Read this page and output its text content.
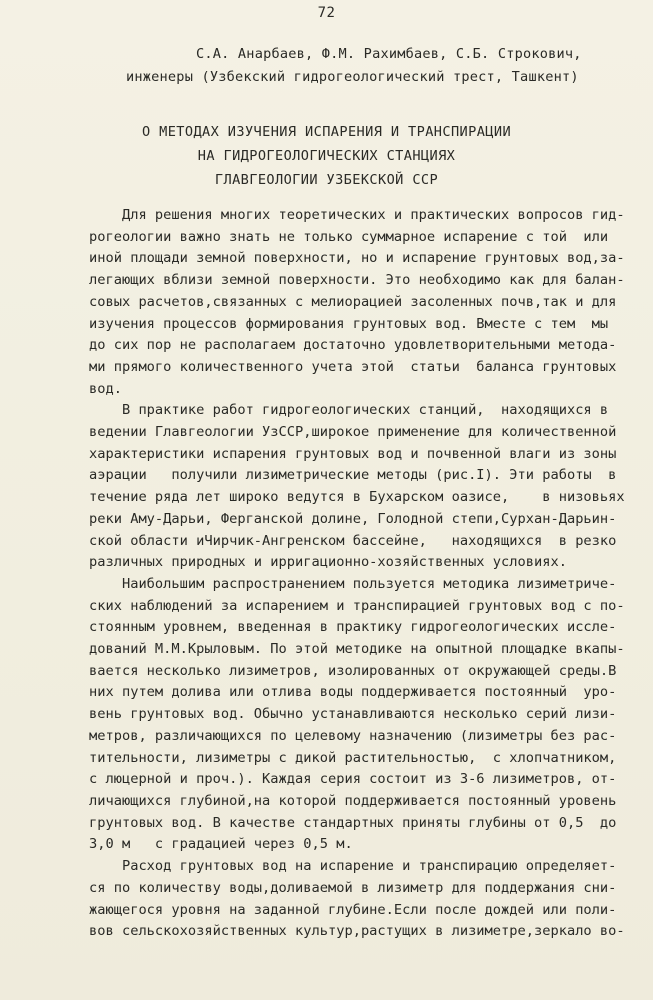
72
С.А. Анарбаев, Ф.М. Рахимбаев, С.Б. Строкович,
инженеры (Узбекский гидрогеологический трест, Ташкент)
О МЕТОДАХ ИЗУЧЕНИЯ ИСПАРЕНИЯ И ТРАНСПИРАЦИИ
НА ГИДРОГЕОЛОГИЧЕСКИХ СТАНЦИЯХ
ГЛАВГЕОЛОГИИ УЗБЕКСКОЙ ССР
Для решения многих теоретических и практических вопросов гид-
рогеологии важно знать не только суммарное испарение с той  или
иной площади земной поверхности, но и испарение грунтовых вод,за-
легающих вблизи земной поверхности. Это необходимо как для балан-
совых расчетов,связанных с мелиорацией засоленных почв,так и для
изучения процессов формирования грунтовых вод. Вместе с тем  мы
до сих пор не располагаем достаточно удовлетворительными метода-
ми прямого количественного учета этой  статьи  баланса грунтовых
вод.
В практике работ гидрогеологических станций,  находящихся в
ведении Главгеологии УзССР,широкое применение для количественной
характеристики испарения грунтовых вод и почвенной влаги из зоны
аэрации   получили лизиметрические методы (рис.I). Эти работы  в
течение ряда лет широко ведутся в Бухарском оазисе,    в низовьях
реки Аму-Дарьи, Ферганской долине, Голодной степи,Сурхан-Дарьин-
ской области иЧирчик-Ангренском бассейне,   находящихся  в резко
различных природных и ирригационно-хозяйственных условиях.
Наибольшим распространением пользуется методика лизиметриче-
ских наблюдений за испарением и транспирацией грунтовых вод с по-
стоянным уровнем, введенная в практику гидрогеологических иссле-
дований М.М.Крыловым. По этой методике на опытной площадке вкапы-
вается несколько лизиметров, изолированных от окружающей среды.В
них путем долива или отлива воды поддерживается постоянный  уро-
вень грунтовых вод. Обычно устанавливаются несколько серий лизи-
метров, различающихся по целевому назначению (лизиметры без рас-
тительности, лизиметры с дикой растительностью,  с хлопчатником,
с люцерной и проч.). Каждая серия состоит из 3-6 лизиметров, от-
личающихся глубиной,на которой поддерживается постоянный уровень
грунтовых вод. В качестве стандартных приняты глубины от 0,5  до
3,0 м   с градацией через 0,5 м.
Расход грунтовых вод на испарение и транспирацию определяет-
ся по количеству воды,доливаемой в лизиметр для поддержания сни-
жающегося уровня на заданной глубине.Если после дождей или поли-
вов сельскохозяйственных культур,растущих в лизиметре,зеркало во-
